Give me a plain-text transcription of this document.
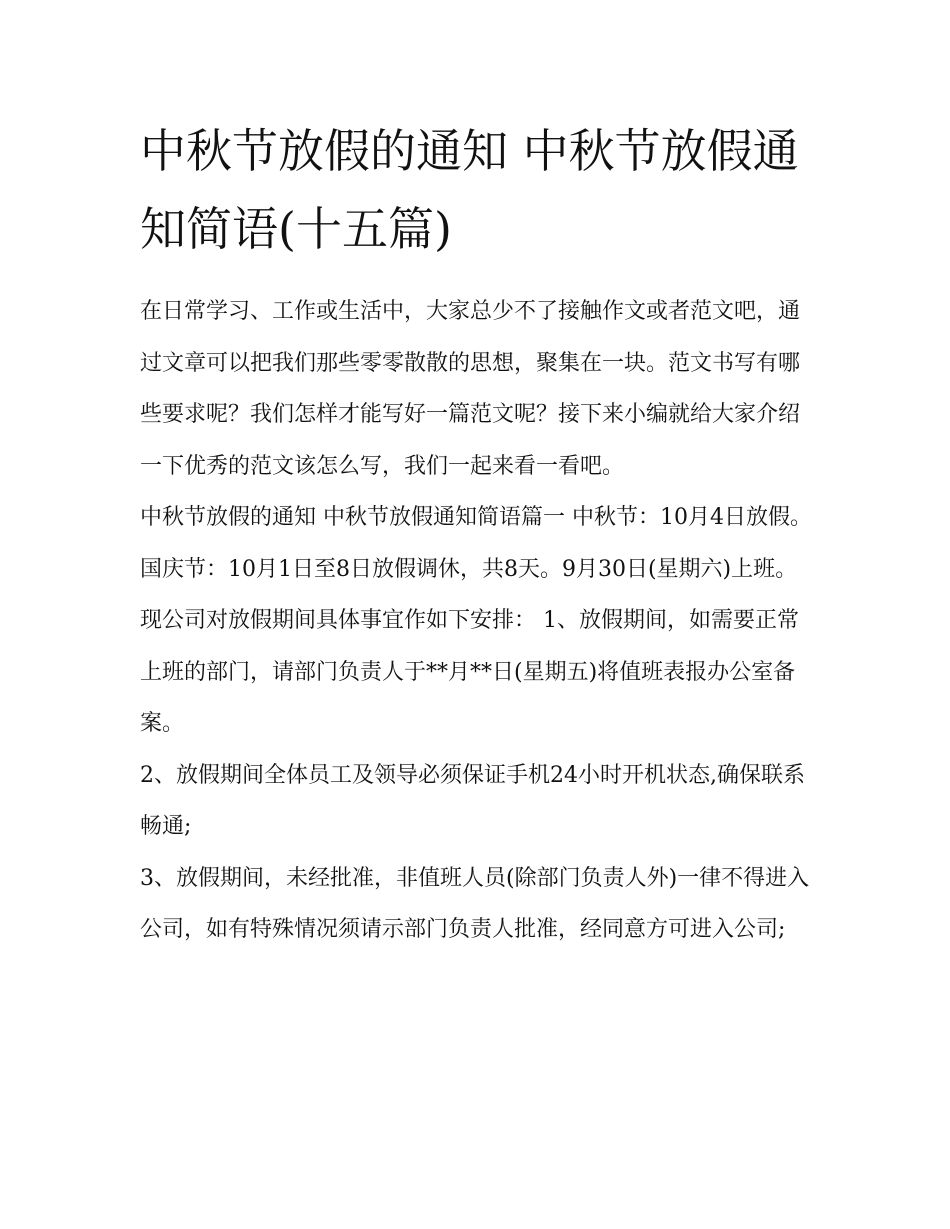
中秋节放假的通知 中秋节放假通知简语(十五篇)

在日常学习、工作或生活中，大家总少不了接触作文或者范文吧，通过文章可以把我们那些零零散散的思想，聚集在一块。范文书写有哪些要求呢？我们怎样才能写好一篇范文呢？接下来小编就给大家介绍一下优秀的范文该怎么写，我们一起来看一看吧。

中秋节放假的通知 中秋节放假通知简语篇一 中秋节：10月4日放假。 国庆节：10月1日至8日放假调休，共8天。9月30日(星期六)上班。

现公司对放假期间具体事宜作如下安排： 1、放假期间，如需要正常上班的部门，请部门负责人于**月**日(星期五)将值班表报办公室备案。

2、放假期间全体员工及领导必须保证手机24小时开机状态,确保联系畅通;

3、放假期间，未经批准，非值班人员(除部门负责人外)一律不得进入公司，如有特殊情况须请示部门负责人批准，经同意方可进入公司;
